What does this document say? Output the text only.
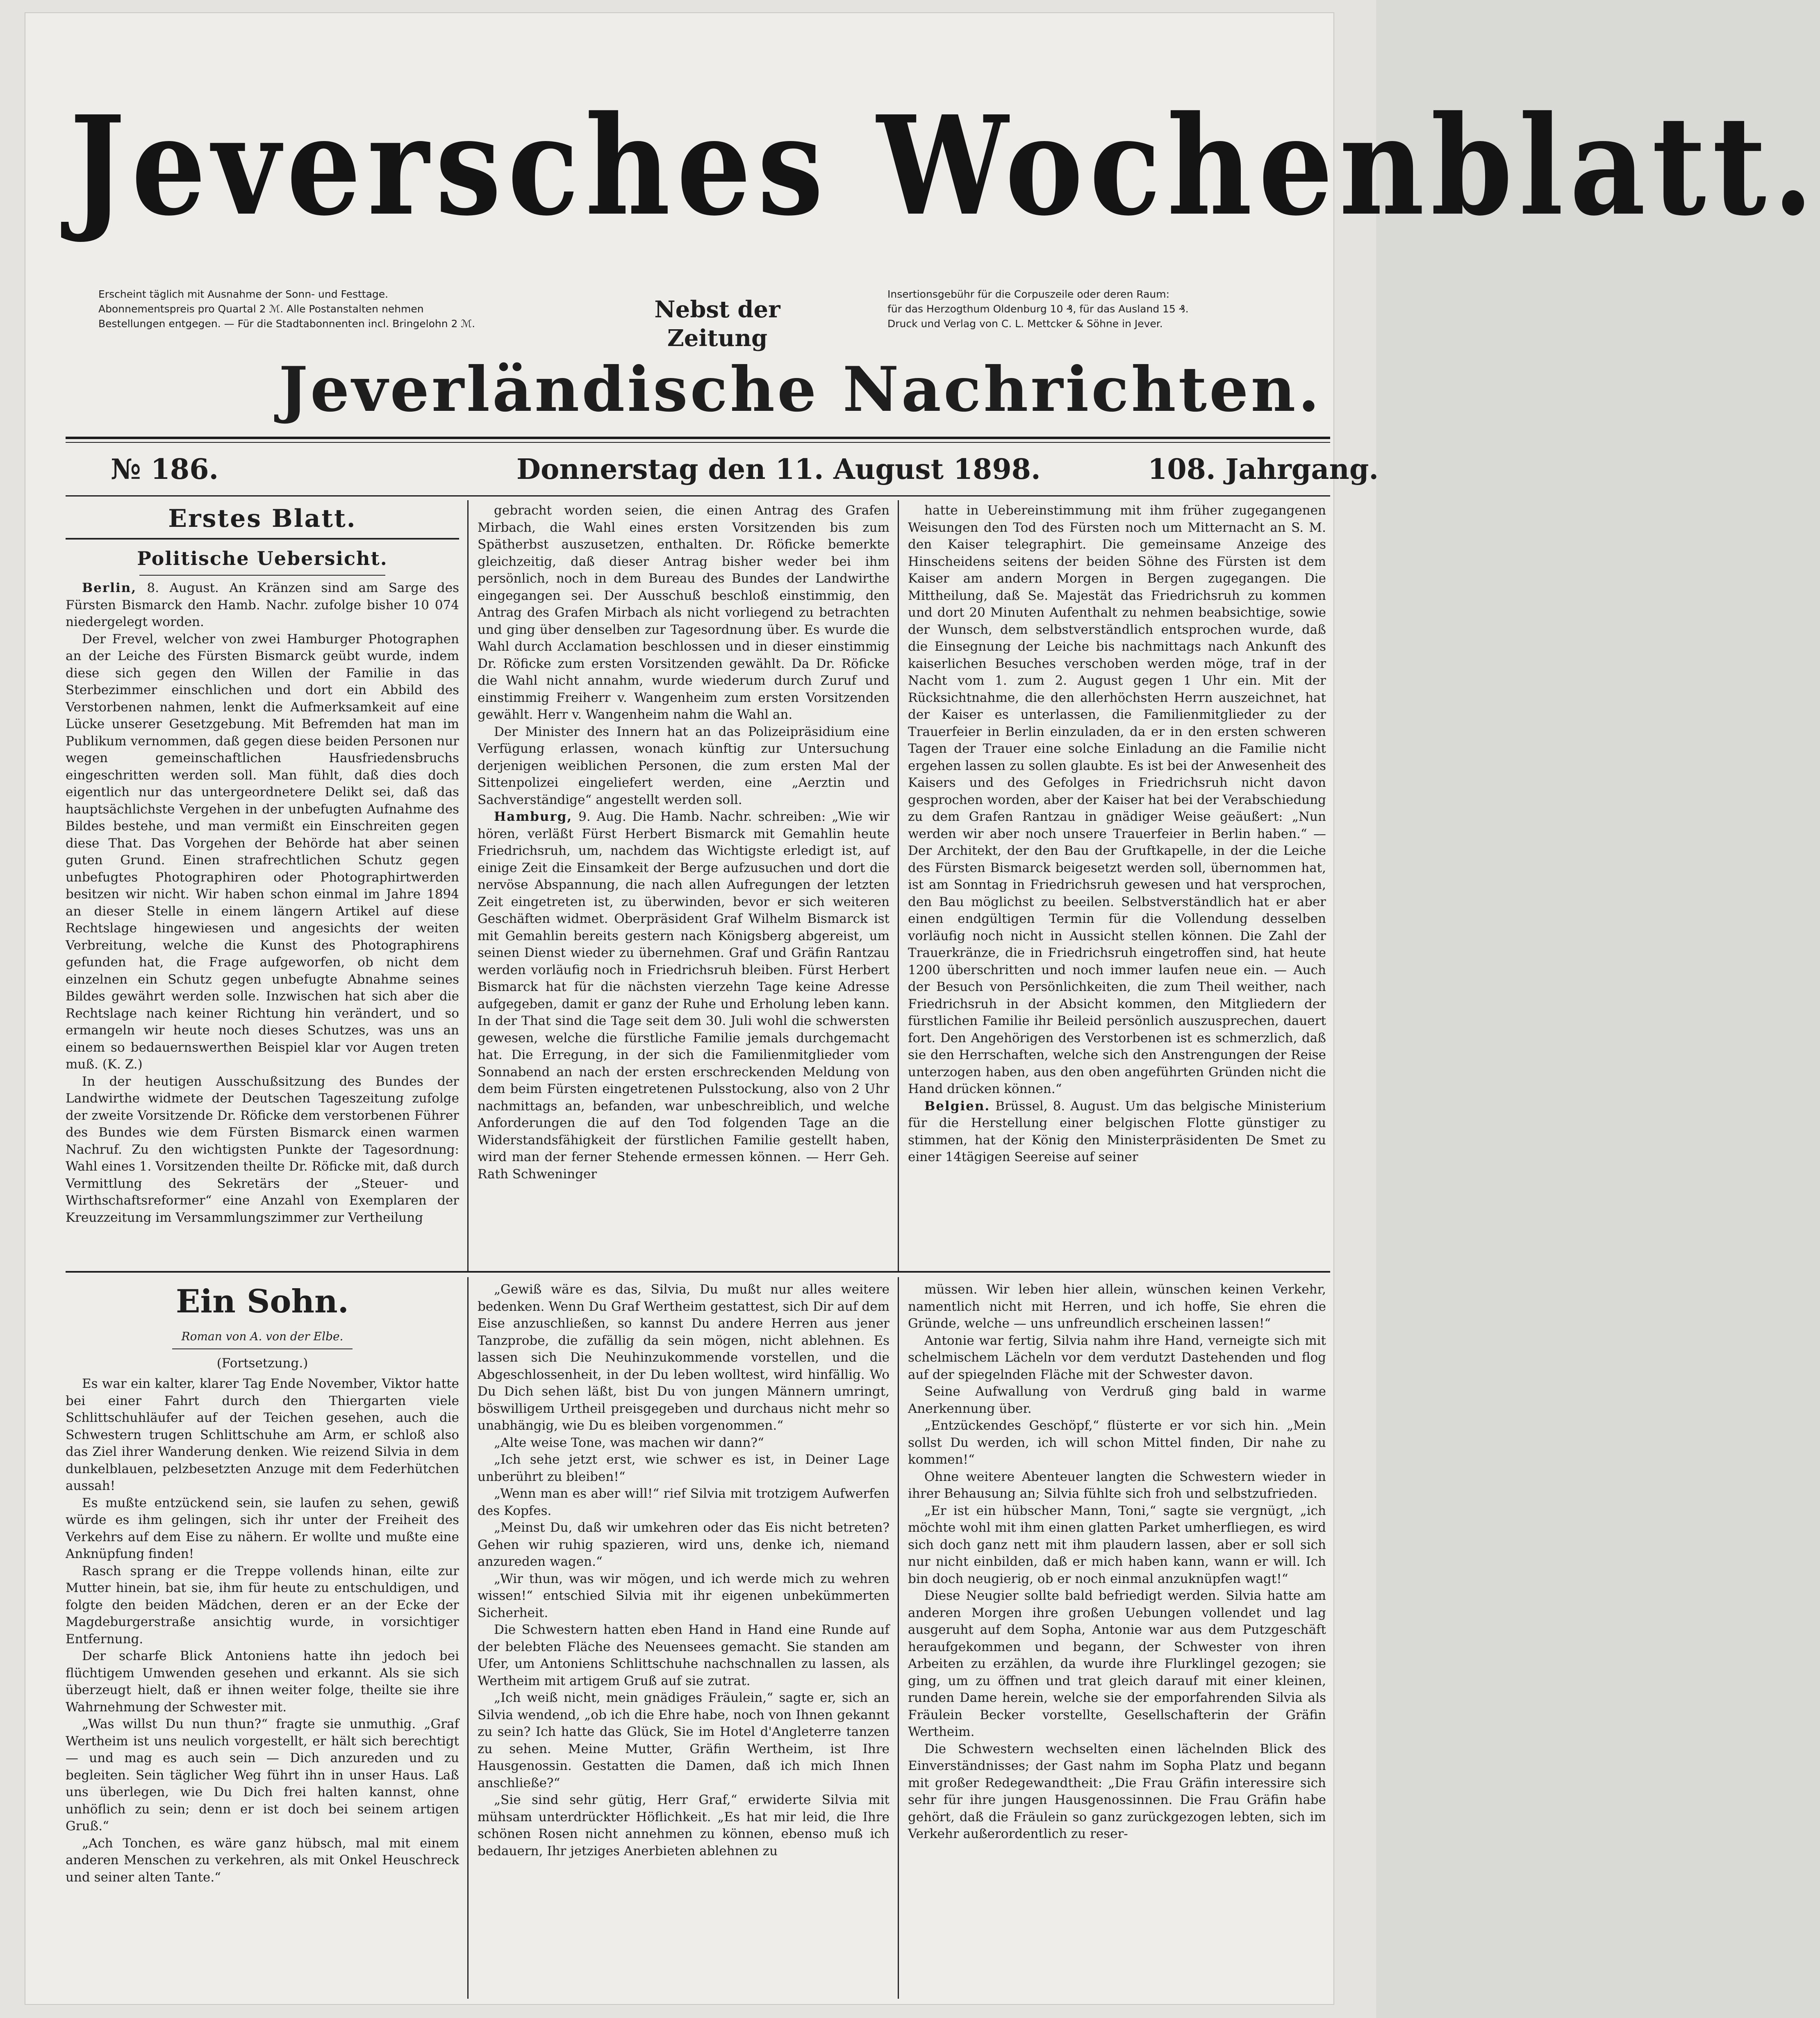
Jeversches Wochenblatt.
Erscheint täglich mit Ausnahme der Sonn- und Festtage.
Abonnementspreis pro Quartal 2 ℳ. Alle Postanstalten nehmen
Bestellungen entgegen. — Für die Stadtabonnenten incl. Bringelohn 2 ℳ.
Nebst der Zeitung
Insertionsgebühr für die Corpuszeile oder deren Raum:
für das Herzogthum Oldenburg 10 ₰, für das Ausland 15 ₰.
Druck und Verlag von C. L. Mettcker & Söhne in Jever.
Jeverländische Nachrichten.
№ 186.	Donnerstag den 11. August 1898.	108. Jahrgang.
Erstes Blatt.
Politische Uebersicht.

Berlin, 8. August. An Kränzen sind am Sarge des Fürsten Bismarck den Hamb. Nachr. zufolge bisher 10 074 niedergelegt worden.

Der Frevel, welcher von zwei Hamburger Photographen an der Leiche des Fürsten Bismarck geübt wurde, indem diese sich gegen den Willen der Familie in das Sterbezimmer einschlichen und dort ein Abbild des Verstorbenen nahmen, lenkt die Aufmerksamkeit auf eine Lücke unserer Gesetzgebung. Mit Befremden hat man im Publikum vernommen, daß gegen diese beiden Personen nur wegen gemeinschaftlichen Hausfriedensbruchs eingeschritten werden soll. Man fühlt, daß dies doch eigentlich nur das untergeordnetere Delikt sei, daß das hauptsächlichste Vergehen in der unbefugten Aufnahme des Bildes bestehe, und man vermißt ein Einschreiten gegen diese That. Das Vorgehen der Behörde hat aber seinen guten Grund. Einen strafrechtlichen Schutz gegen unbefugtes Photographiren oder Photographirtwerden besitzen wir nicht. Wir haben schon einmal im Jahre 1894 an dieser Stelle in einem längern Artikel auf diese Rechtslage hingewiesen und angesichts der weiten Verbreitung, welche die Kunst des Photographirens gefunden hat, die Frage aufgeworfen, ob nicht dem einzelnen ein Schutz gegen unbefugte Abnahme seines Bildes gewährt werden solle. Inzwischen hat sich aber die Rechtslage nach keiner Richtung hin verändert, und so ermangeln wir heute noch dieses Schutzes, was uns an einem so bedauernswerthen Beispiel klar vor Augen treten muß. (K. Z.)

In der heutigen Ausschußsitzung des Bundes der Landwirthe widmete der Deutschen Tageszeitung zufolge der zweite Vorsitzende Dr. Röficke dem verstorbenen Führer des Bundes wie dem Fürsten Bismarck einen warmen Nachruf. Zu den wichtigsten Punkte der Tagesordnung: Wahl eines 1. Vorsitzenden theilte Dr. Röficke mit, daß durch Vermittlung des Sekretärs der „Steuer- und Wirthschaftsreformer“ eine Anzahl von Exemplaren der Kreuzzeitung im Versammlungszimmer zur Vertheilung

gebracht worden seien, die einen Antrag des Grafen Mirbach, die Wahl eines ersten Vorsitzenden bis zum Spätherbst auszusetzen, enthalten. Dr. Röficke bemerkte gleichzeitig, daß dieser Antrag bisher weder bei ihm persönlich, noch in dem Bureau des Bundes der Landwirthe eingegangen sei. Der Ausschuß beschloß einstimmig, den Antrag des Grafen Mirbach als nicht vorliegend zu betrachten und ging über denselben zur Tagesordnung über. Es wurde die Wahl durch Acclamation beschlossen und in dieser einstimmig Dr. Röficke zum ersten Vorsitzenden gewählt. Da Dr. Röficke die Wahl nicht annahm, wurde wiederum durch Zuruf und einstimmig Freiherr v. Wangenheim zum ersten Vorsitzenden gewählt. Herr v. Wangenheim nahm die Wahl an.

Der Minister des Innern hat an das Polizeipräsidium eine Verfügung erlassen, wonach künftig zur Untersuchung derjenigen weiblichen Personen, die zum ersten Mal der Sittenpolizei eingeliefert werden, eine „Aerztin und Sachverständige“ angestellt werden soll.

Hamburg, 9. Aug. Die Hamb. Nachr. schreiben: „Wie wir hören, verläßt Fürst Herbert Bismarck mit Gemahlin heute Friedrichsruh, um, nachdem das Wichtigste erledigt ist, auf einige Zeit die Einsamkeit der Berge aufzusuchen und dort die nervöse Abspannung, die nach allen Aufregungen der letzten Zeit eingetreten ist, zu überwinden, bevor er sich weiteren Geschäften widmet. Oberpräsident Graf Wilhelm Bismarck ist mit Gemahlin bereits gestern nach Königsberg abgereist, um seinen Dienst wieder zu übernehmen. Graf und Gräfin Rantzau werden vorläufig noch in Friedrichsruh bleiben. Fürst Herbert Bismarck hat für die nächsten vierzehn Tage keine Adresse aufgegeben, damit er ganz der Ruhe und Erholung leben kann. In der That sind die Tage seit dem 30. Juli wohl die schwersten gewesen, welche die fürstliche Familie jemals durchgemacht hat. Die Erregung, in der sich die Familienmitglieder vom Sonnabend an nach der ersten erschreckenden Meldung von dem beim Fürsten eingetretenen Pulsstockung, also von 2 Uhr nachmittags an, befanden, war unbeschreiblich, und welche Anforderungen die auf den Tod folgenden Tage an die Widerstandsfähigkeit der fürstlichen Familie gestellt haben, wird man der ferner Stehende ermessen können. — Herr Geh. Rath Schweninger

hatte in Uebereinstimmung mit ihm früher zugegangenen Weisungen den Tod des Fürsten noch um Mitternacht an S. M. den Kaiser telegraphirt. Die gemeinsame Anzeige des Hinscheidens seitens der beiden Söhne des Fürsten ist dem Kaiser am andern Morgen in Bergen zugegangen. Die Mittheilung, daß Se. Majestät das Friedrichsruh zu kommen und dort 20 Minuten Aufenthalt zu nehmen beabsichtige, sowie der Wunsch, dem selbstverständlich entsprochen wurde, daß die Einsegnung der Leiche bis nachmittags nach Ankunft des kaiserlichen Besuches verschoben werden möge, traf in der Nacht vom 1. zum 2. August gegen 1 Uhr ein. Mit der Rücksichtnahme, die den allerhöchsten Herrn auszeichnet, hat der Kaiser es unterlassen, die Familienmitglieder zu der Trauerfeier in Berlin einzuladen, da er in den ersten schweren Tagen der Trauer eine solche Einladung an die Familie nicht ergehen lassen zu sollen glaubte. Es ist bei der Anwesenheit des Kaisers und des Gefolges in Friedrichsruh nicht davon gesprochen worden, aber der Kaiser hat bei der Verabschiedung zu dem Grafen Rantzau in gnädiger Weise geäußert: „Nun werden wir aber noch unsere Trauerfeier in Berlin haben.“ — Der Architekt, der den Bau der Gruftkapelle, in der die Leiche des Fürsten Bismarck beigesetzt werden soll, übernommen hat, ist am Sonntag in Friedrichsruh gewesen und hat versprochen, den Bau möglichst zu beeilen. Selbstverständlich hat er aber einen endgültigen Termin für die Vollendung desselben vorläufig noch nicht in Aussicht stellen können. Die Zahl der Trauerkränze, die in Friedrichsruh eingetroffen sind, hat heute 1200 überschritten und noch immer laufen neue ein. — Auch der Besuch von Persönlichkeiten, die zum Theil weither, nach Friedrichsruh in der Absicht kommen, den Mitgliedern der fürstlichen Familie ihr Beileid persönlich auszusprechen, dauert fort. Den Angehörigen des Verstorbenen ist es schmerzlich, daß sie den Herrschaften, welche sich den Anstrengungen der Reise unterzogen haben, aus den oben angeführten Gründen nicht die Hand drücken können.“

Belgien. Brüssel, 8. August. Um das belgische Ministerium für die Herstellung einer belgischen Flotte günstiger zu stimmen, hat der König den Ministerpräsidenten De Smet zu einer 14tägigen Seereise auf seiner

Ein Sohn.
Roman von A. von der Elbe.
(Fortsetzung.)

Es war ein kalter, klarer Tag Ende November, Viktor hatte bei einer Fahrt durch den Thiergarten viele Schlittschuhläufer auf der Teichen gesehen, auch die Schwestern trugen Schlittschuhe am Arm, er schloß also das Ziel ihrer Wanderung denken. Wie reizend Silvia in dem dunkelblauen, pelzbesetzten Anzuge mit dem Federhütchen aussah!

Es mußte entzückend sein, sie laufen zu sehen, gewiß würde es ihm gelingen, sich ihr unter der Freiheit des Verkehrs auf dem Eise zu nähern. Er wollte und mußte eine Anknüpfung finden!

Rasch sprang er die Treppe vollends hinan, eilte zur Mutter hinein, bat sie, ihm für heute zu entschuldigen, und folgte den beiden Mädchen, deren er an der Ecke der Magdeburgerstraße ansichtig wurde, in vorsichtiger Entfernung.

Der scharfe Blick Antoniens hatte ihn jedoch bei flüchtigem Umwenden gesehen und erkannt. Als sie sich überzeugt hielt, daß er ihnen weiter folge, theilte sie ihre Wahrnehmung der Schwester mit.

„Was willst Du nun thun?“ fragte sie unmuthig. „Graf Wertheim ist uns neulich vorgestellt, er hält sich berechtigt — und mag es auch sein — Dich anzureden und zu begleiten. Sein täglicher Weg führt ihn in unser Haus. Laß uns überlegen, wie Du Dich frei halten kannst, ohne unhöflich zu sein; denn er ist doch bei seinem artigen Gruß.“

„Ach Tonchen, es wäre ganz hübsch, mal mit einem anderen Menschen zu verkehren, als mit Onkel Heuschreck und seiner alten Tante.“

„Gewiß wäre es das, Silvia, Du mußt nur alles weitere bedenken. Wenn Du Graf Wertheim gestattest, sich Dir auf dem Eise anzuschließen, so kannst Du andere Herren aus jener Tanzprobe, die zufällig da sein mögen, nicht ablehnen. Es lassen sich Die Neuhinzukommende vorstellen, und die Abgeschlossenheit, in der Du leben wolltest, wird hinfällig. Wo Du Dich sehen läßt, bist Du von jungen Männern umringt, böswilligem Urtheil preisgegeben und durchaus nicht mehr so unabhängig, wie Du es bleiben vorgenommen.“

„Alte weise Tone, was machen wir dann?“

„Ich sehe jetzt erst, wie schwer es ist, in Deiner Lage unberührt zu bleiben!“

„Wenn man es aber will!“ rief Silvia mit trotzigem Aufwerfen des Kopfes.

„Meinst Du, daß wir umkehren oder das Eis nicht betreten? Gehen wir ruhig spazieren, wird uns, denke ich, niemand anzureden wagen.“

„Wir thun, was wir mögen, und ich werde mich zu wehren wissen!“ entschied Silvia mit ihr eigenen unbekümmerten Sicherheit.

Die Schwestern hatten eben Hand in Hand eine Runde auf der belebten Fläche des Neuensees gemacht. Sie standen am Ufer, um Antoniens Schlittschuhe nachschnallen zu lassen, als Wertheim mit artigem Gruß auf sie zutrat.

„Ich weiß nicht, mein gnädiges Fräulein,“ sagte er, sich an Silvia wendend, „ob ich die Ehre habe, noch von Ihnen gekannt zu sein? Ich hatte das Glück, Sie im Hotel d'Angleterre tanzen zu sehen. Meine Mutter, Gräfin Wertheim, ist Ihre Hausgenossin. Gestatten die Damen, daß ich mich Ihnen anschließe?“

„Sie sind sehr gütig, Herr Graf,“ erwiderte Silvia mit mühsam unterdrückter Höflichkeit. „Es hat mir leid, die Ihre schönen Rosen nicht annehmen zu können, ebenso muß ich bedauern, Ihr jetziges Anerbieten ablehnen zu

müssen. Wir leben hier allein, wünschen keinen Verkehr, namentlich nicht mit Herren, und ich hoffe, Sie ehren die Gründe, welche — uns unfreundlich erscheinen lassen!“

Antonie war fertig, Silvia nahm ihre Hand, verneigte sich mit schelmischem Lächeln vor dem verdutzt Dastehenden und flog auf der spiegelnden Fläche mit der Schwester davon.

Seine Aufwallung von Verdruß ging bald in warme Anerkennung über.

„Entzückendes Geschöpf,“ flüsterte er vor sich hin. „Mein sollst Du werden, ich will schon Mittel finden, Dir nahe zu kommen!“

Ohne weitere Abenteuer langten die Schwestern wieder in ihrer Behausung an; Silvia fühlte sich froh und selbstzufrieden.

„Er ist ein hübscher Mann, Toni,“ sagte sie vergnügt, „ich möchte wohl mit ihm einen glatten Parket umherfliegen, es wird sich doch ganz nett mit ihm plaudern lassen, aber er soll sich nur nicht einbilden, daß er mich haben kann, wann er will. Ich bin doch neugierig, ob er noch einmal anzuknüpfen wagt!“

Diese Neugier sollte bald befriedigt werden. Silvia hatte am anderen Morgen ihre großen Uebungen vollendet und lag ausgeruht auf dem Sopha, Antonie war aus dem Putzgeschäft heraufgekommen und begann, der Schwester von ihren Arbeiten zu erzählen, da wurde ihre Flurklingel gezogen; sie ging, um zu öffnen und trat gleich darauf mit einer kleinen, runden Dame herein, welche sie der emporfahrenden Silvia als Fräulein Becker vorstellte, Gesellschafterin der Gräfin Wertheim.

Die Schwestern wechselten einen lächelnden Blick des Einverständnisses; der Gast nahm im Sopha Platz und begann mit großer Redegewandtheit: „Die Frau Gräfin interessire sich sehr für ihre jungen Hausgenossinnen. Die Frau Gräfin habe gehört, daß die Fräulein so ganz zurückgezogen lebten, sich im Verkehr außerordentlich zu reser-
